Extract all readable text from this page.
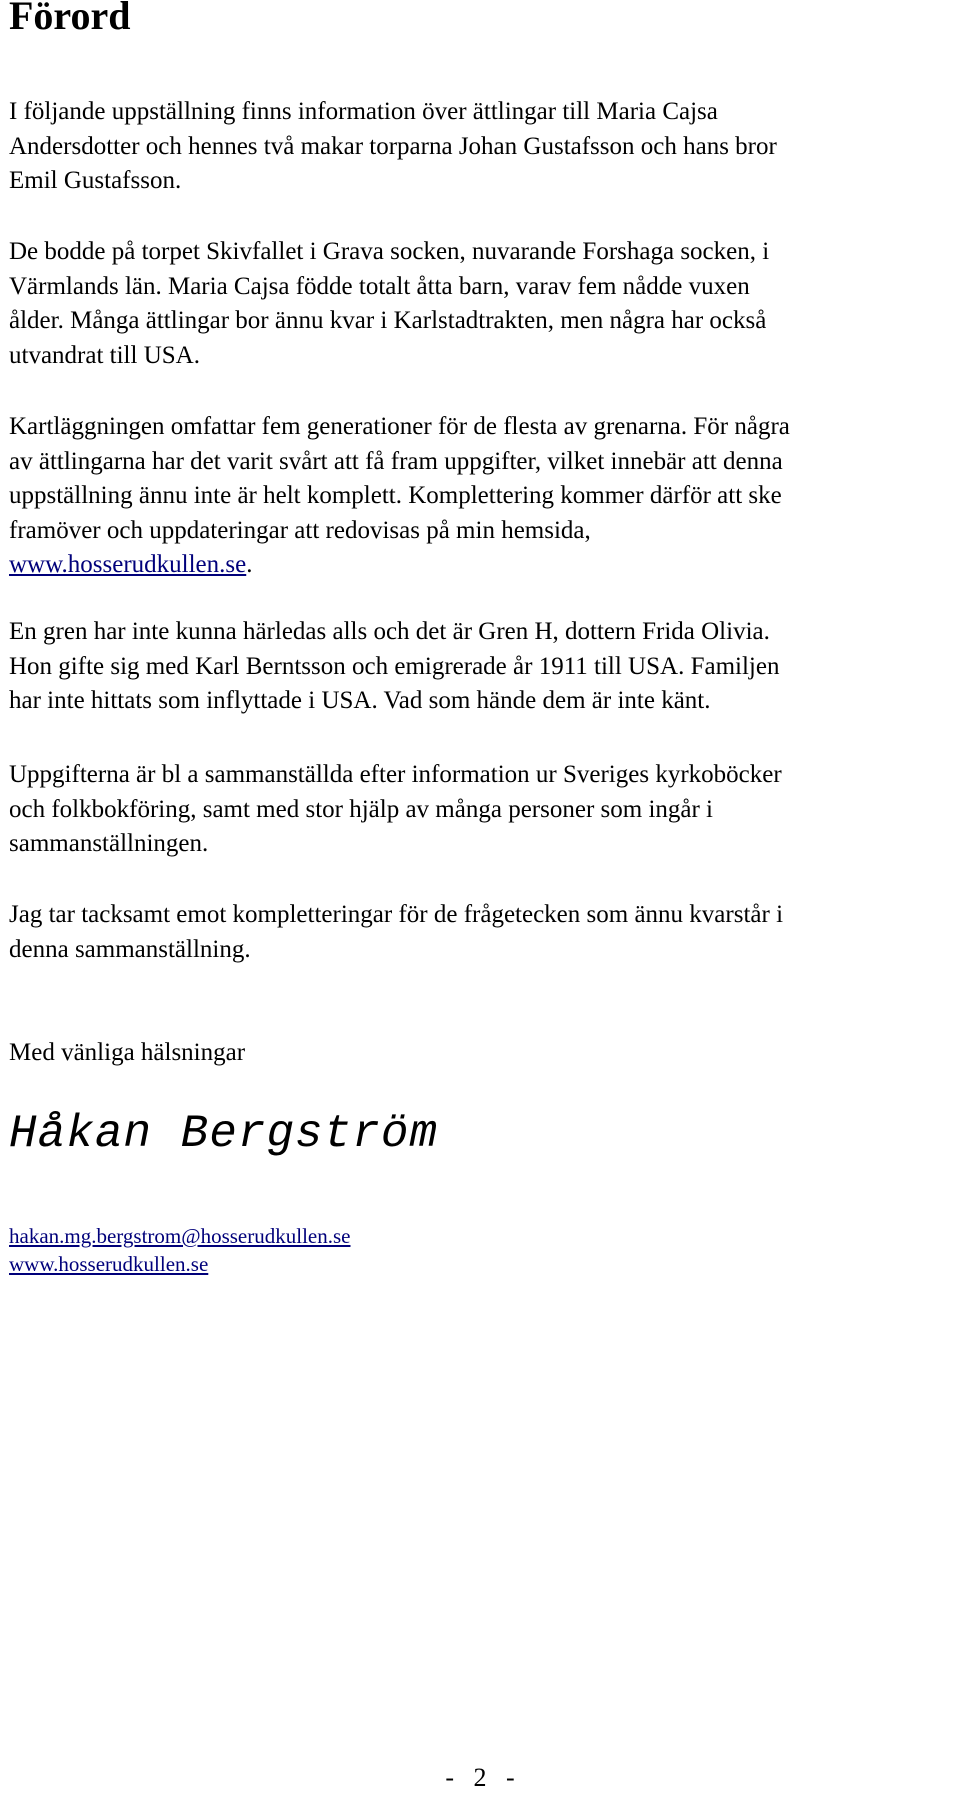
Förord

I följande uppställning finns information över ättlingar till Maria Cajsa
Andersdotter och hennes två makar torparna Johan Gustafsson och hans bror
Emil Gustafsson.

De bodde på torpet Skivfallet i Grava socken, nuvarande Forshaga socken, i
Värmlands län. Maria Cajsa födde totalt åtta barn, varav fem nådde vuxen
ålder. Många ättlingar bor ännu kvar i Karlstadtrakten, men några har också
utvandrat till USA.

Kartläggningen omfattar fem generationer för de flesta av grenarna. För några
av ättlingarna har det varit svårt att få fram uppgifter, vilket innebär att denna
uppställning ännu inte är helt komplett. Komplettering kommer därför att ske
framöver och uppdateringar att redovisas på min hemsida,
www.hosserudkullen.se.

En gren har inte kunna härledas alls och det är Gren H, dottern Frida Olivia.
Hon gifte sig med Karl Berntsson och emigrerade år 1911 till USA. Familjen
har inte hittats som inflyttade i USA. Vad som hände dem är inte känt.

Uppgifterna är bl a sammanställda efter information ur Sveriges kyrkoböcker
och folkbokföring, samt med stor hjälp av många personer som ingår i
sammanställningen.

Jag tar tacksamt emot kompletteringar för de frågetecken som ännu kvarstår i
denna sammanställning.

Med vänliga hälsningar

Håkan Bergström

hakan.mg.bergstrom@hosserudkullen.se
www.hosserudkullen.se
-   2   -
